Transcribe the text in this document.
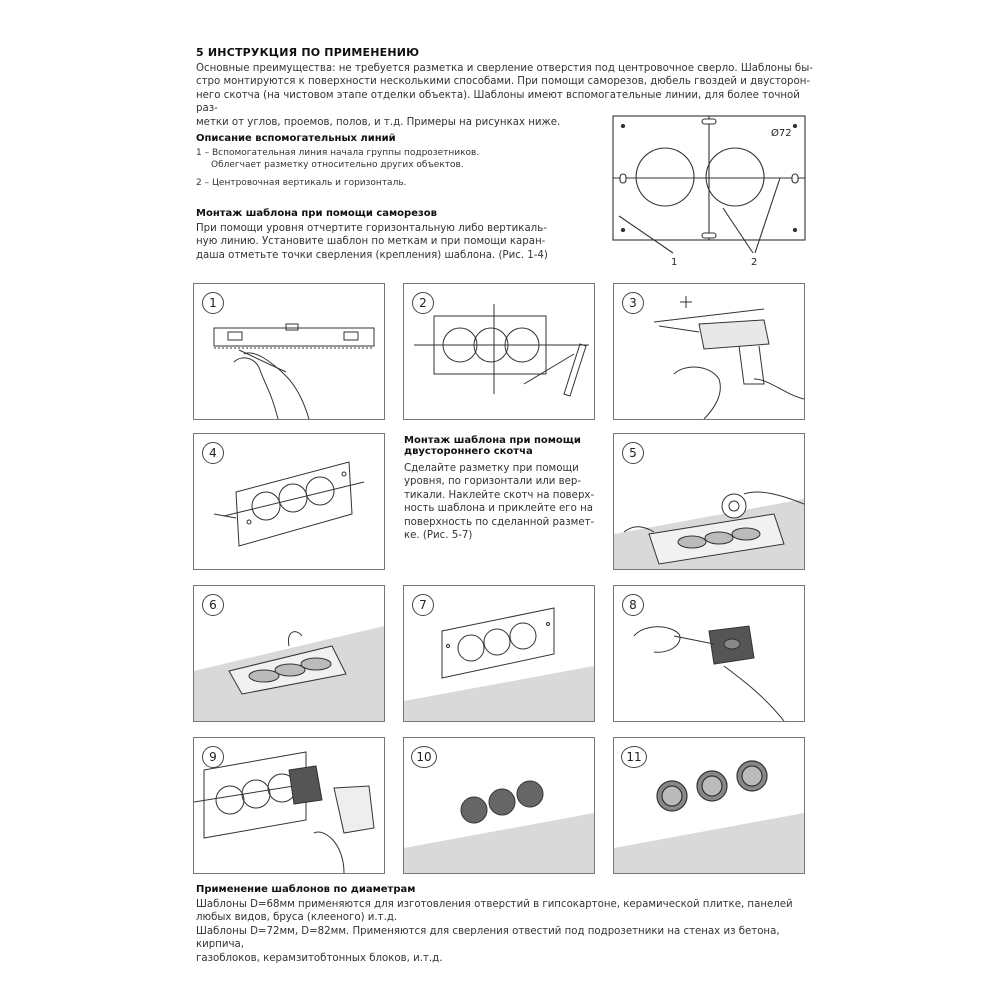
5 ИНСТРУКЦИЯ ПО ПРИМЕНЕНИЮ
Основные преимущества: не требуется разметка и сверление отверстия под центровочное сверло. Шаблоны бы-
стро монтируются к поверхности несколькими способами. При помощи саморезов, дюбель гвоздей и двусторон-
него скотча (на чистовом этапе отделки объекта). Шаблоны имеют вспомогательные линии, для более точной раз-
метки от углов, проемов, полов, и т.д. Примеры на рисунках ниже.
Описание вспомогательных линий
1 – Вспомогательная линия начала группы подрозетников.
Облегчает разметку относительно других объектов.
2 – Центровочная вертикаль и горизонталь.
Монтаж шаблона при помощи саморезов
При помощи уровня отчертите горизонтальную либо вертикаль-
ную линию. Установите шаблон по меткам и при помощи каран-
даша отметьте точки сверления (крепления) шаблона. (Рис. 1-4)
Ø72
1	2
1	2	3
4
Монтаж шаблона при помощи
двустороннего скотча
Сделайте разметку при помощи
уровня, по горизонтали или вер-
тикали. Наклейте скотч на поверх-
ность шаблона и приклейте его на
поверхность по сделанной размет-
ке. (Рис. 5-7)
5
6	7	8
9	10	11
Применение шаблонов по диаметрам
Шаблоны D=68мм применяются для изготовления отверстий в гипсокартоне, керамической плитке, панелей
любых видов, бруса (клееного) и.т.д.
Шаблоны D=72мм, D=82мм. Применяются для сверления отвестий под подрозетники на стенах из бетона, кирпича,
газоблоков, керамзитобтонных блоков, и.т.д.
